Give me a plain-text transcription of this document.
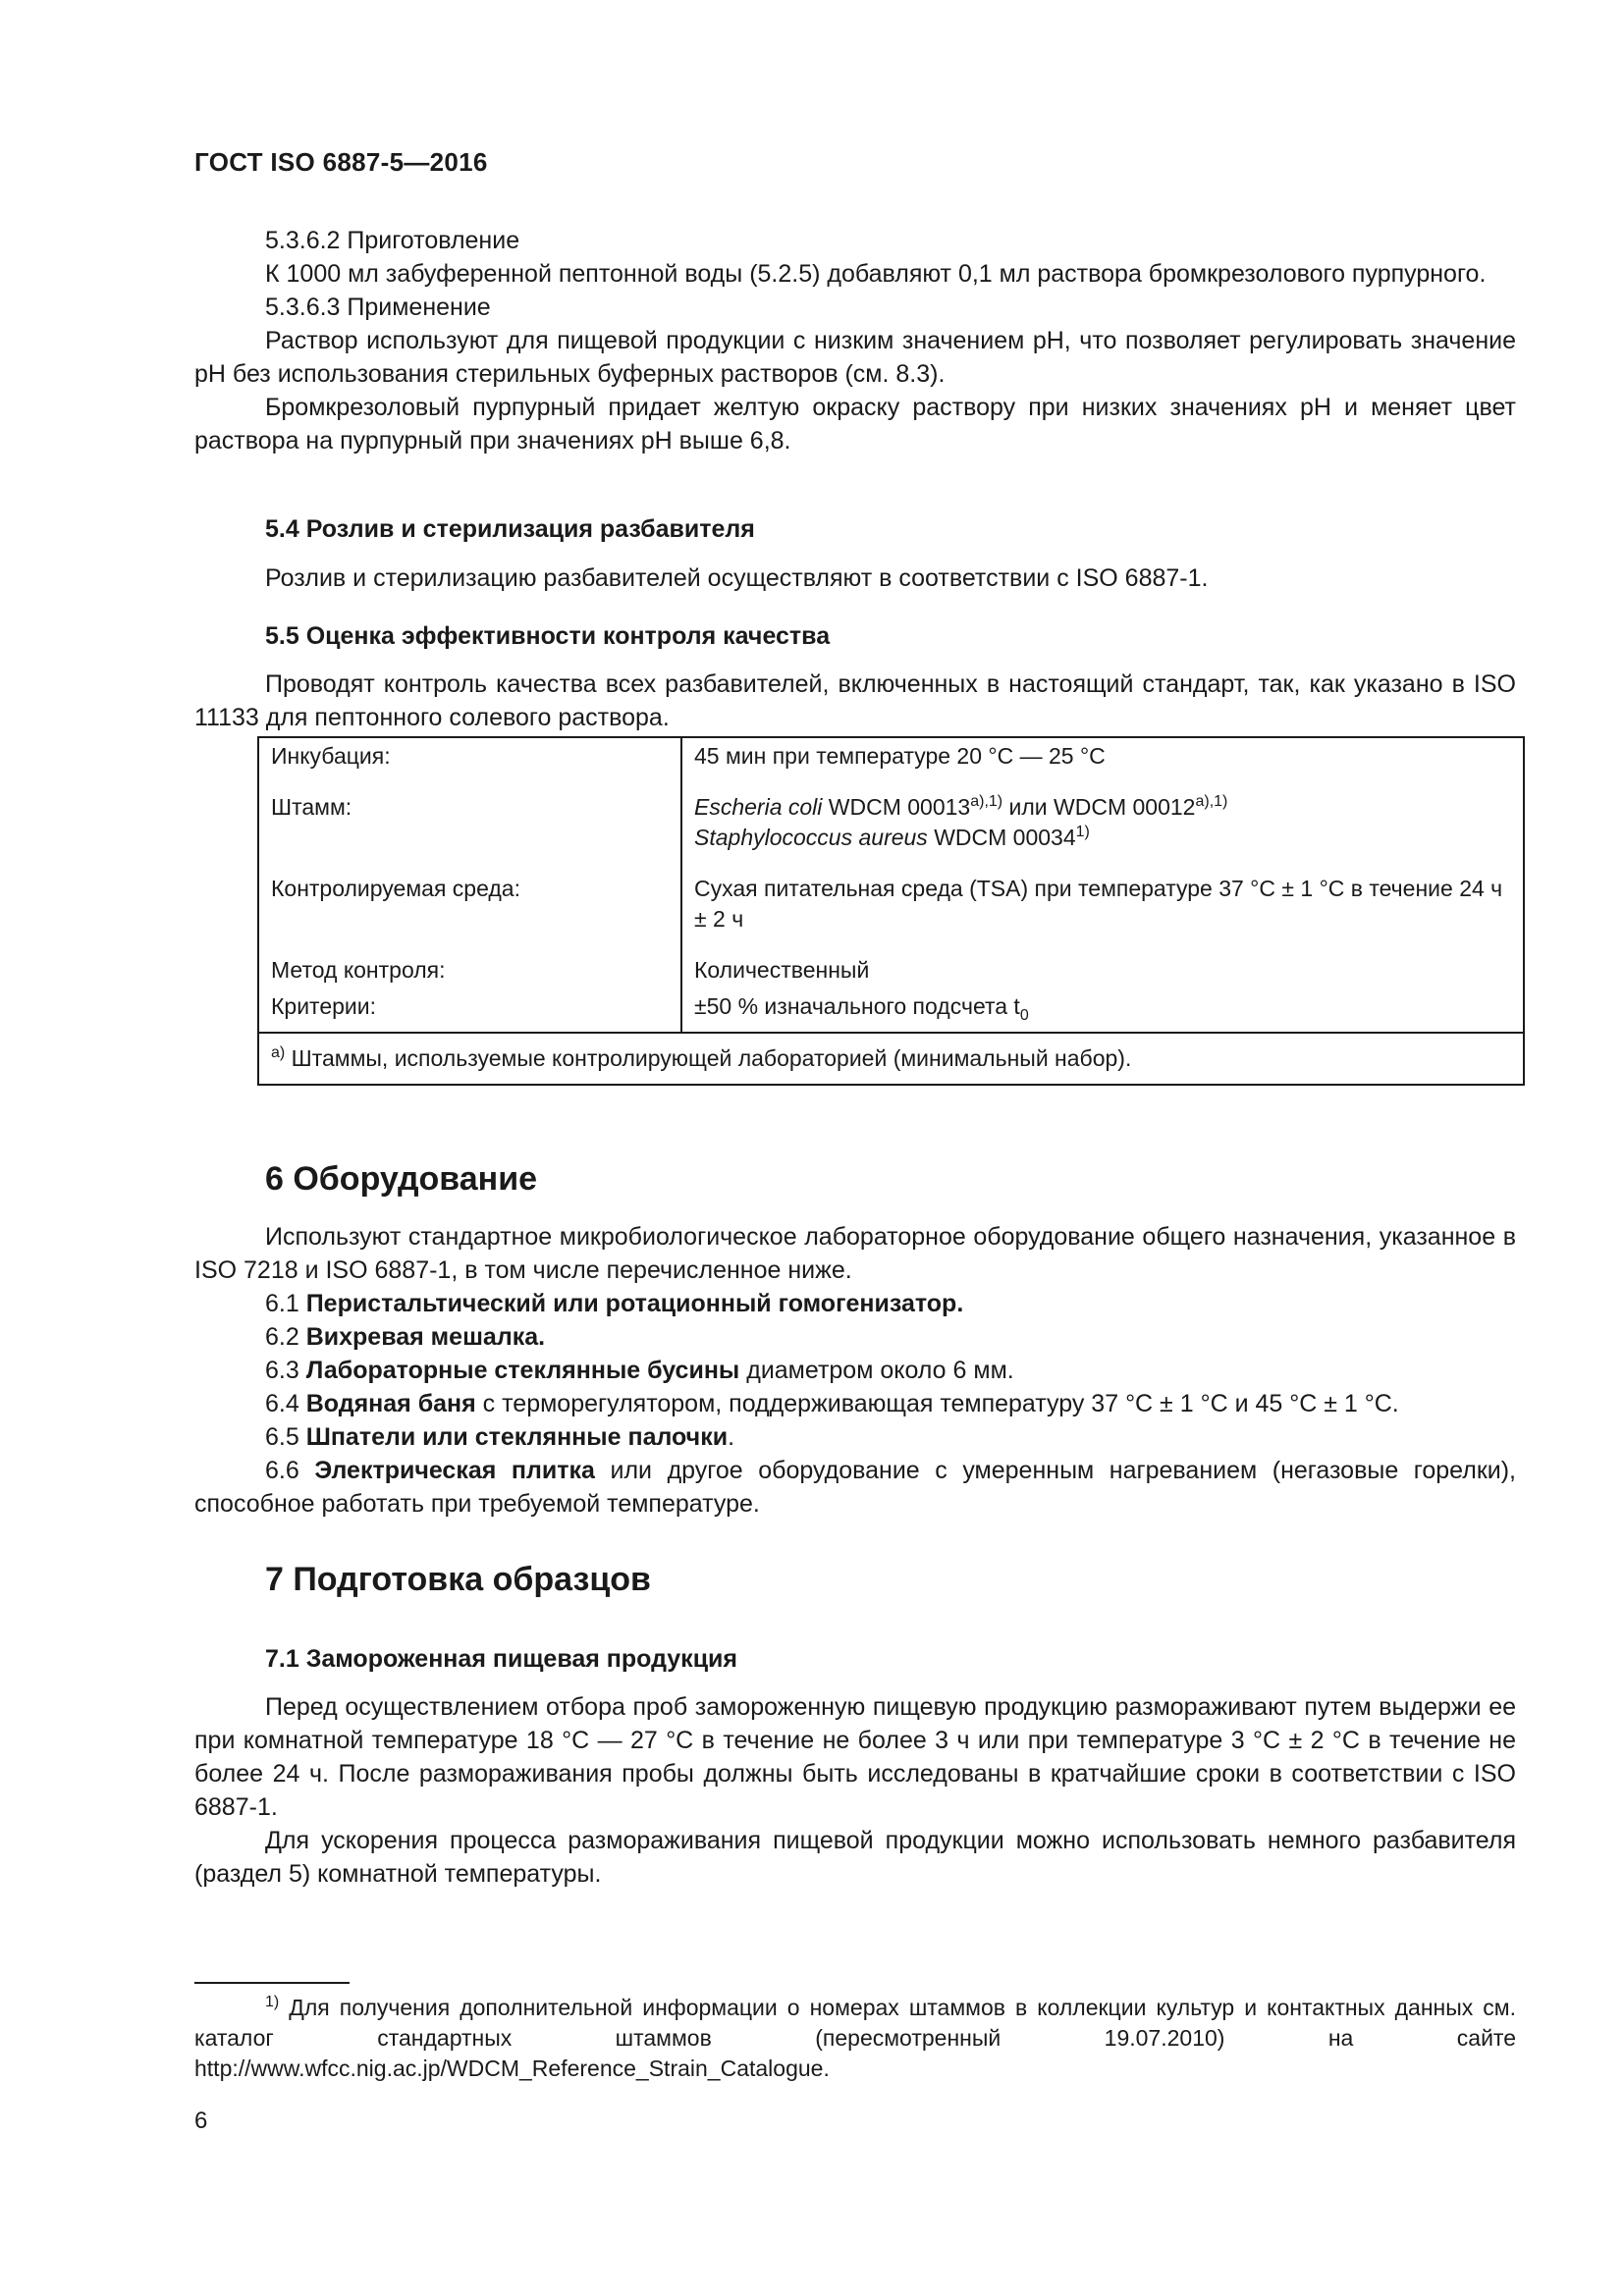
ГОСТ ISO 6887-5—2016

5.3.6.2 Приготовление

К 1000 мл забуференной пептонной воды (5.2.5) добавляют 0,1 мл раствора бромкрезолового пурпурного.

5.3.6.3 Применение

Раствор используют для пищевой продукции с низким значением pH, что позволяет регулировать значение pH без использования стерильных буферных растворов (см. 8.3).

Бромкрезоловый пурпурный придает желтую окраску раствору при низких значениях pH и меняет цвет раствора на пурпурный при значениях pH выше 6,8.

5.4 Розлив и стерилизация разбавителя

Розлив и стерилизацию разбавителей осуществляют в соответствии с ISO 6887-1.

5.5 Оценка эффективности контроля качества

Проводят контроль качества всех разбавителей, включенных в настоящий стандарт, так, как указано в ISO 11133 для пептонного солевого раствора.

Инкубация:	45 мин при температуре 20 °С — 25 °С
Штамм:	Escheria coli WDCM $00013^{a),1)}$ или WDCM $00012^{a),1)}$
Staphylococcus aureus WDCM 00034$^{1)}$
Контролируемая среда:	Сухая питательная среда (TSA) при температуре 37 °С ± 1 °С в течение 24 ч ± 2 ч
Метод контроля:	Количественный
Критерии:	±50 % изначального подсчета $t_0$
$^{a)}$ Штаммы, используемые контролирующей лабораторией (минимальный набор).	
6 Оборудование

Используют стандартное микробиологическое лабораторное оборудование общего назначения, указанное в ISO 7218 и ISO 6887-1, в том числе перечисленное ниже.

6.1 Перистальтический или ротационный гомогенизатор.

6.2 Вихревая мешалка.

6.3 Лабораторные стеклянные бусины диаметром около 6 мм.

6.4 Водяная баня с терморегулятором, поддерживающая температуру 37 °С ± 1 °С и 45 °С ± 1 °С.

6.5 Шпатели или стеклянные палочки.

6.6 Электрическая плитка или другое оборудование с умеренным нагреванием (негазовые горелки), способное работать при требуемой температуре.

7 Подготовка образцов
7.1 Замороженная пищевая продукция

Перед осуществлением отбора проб замороженную пищевую продукцию размораживают путем выдержи ее при комнатной температуре 18 °С — 27 °С в течение не более 3 ч или при температуре 3 °С ± 2 °С в течение не более 24 ч. После размораживания пробы должны быть исследованы в кратчайшие сроки в соответствии с ISO 6887-1.

Для ускорения процесса размораживания пищевой продукции можно использовать немного разбавителя (раздел 5) комнатной температуры.

$^{1)}$ Для получения дополнительной информации о номерах штаммов в коллекции культур и контактных данных см. каталог стандартных штаммов (пересмотренный 19.07.2010) на сайте http://www.wfcc.nig.ac.jp/WDCM_Reference_Strain_Catalogue.
6
